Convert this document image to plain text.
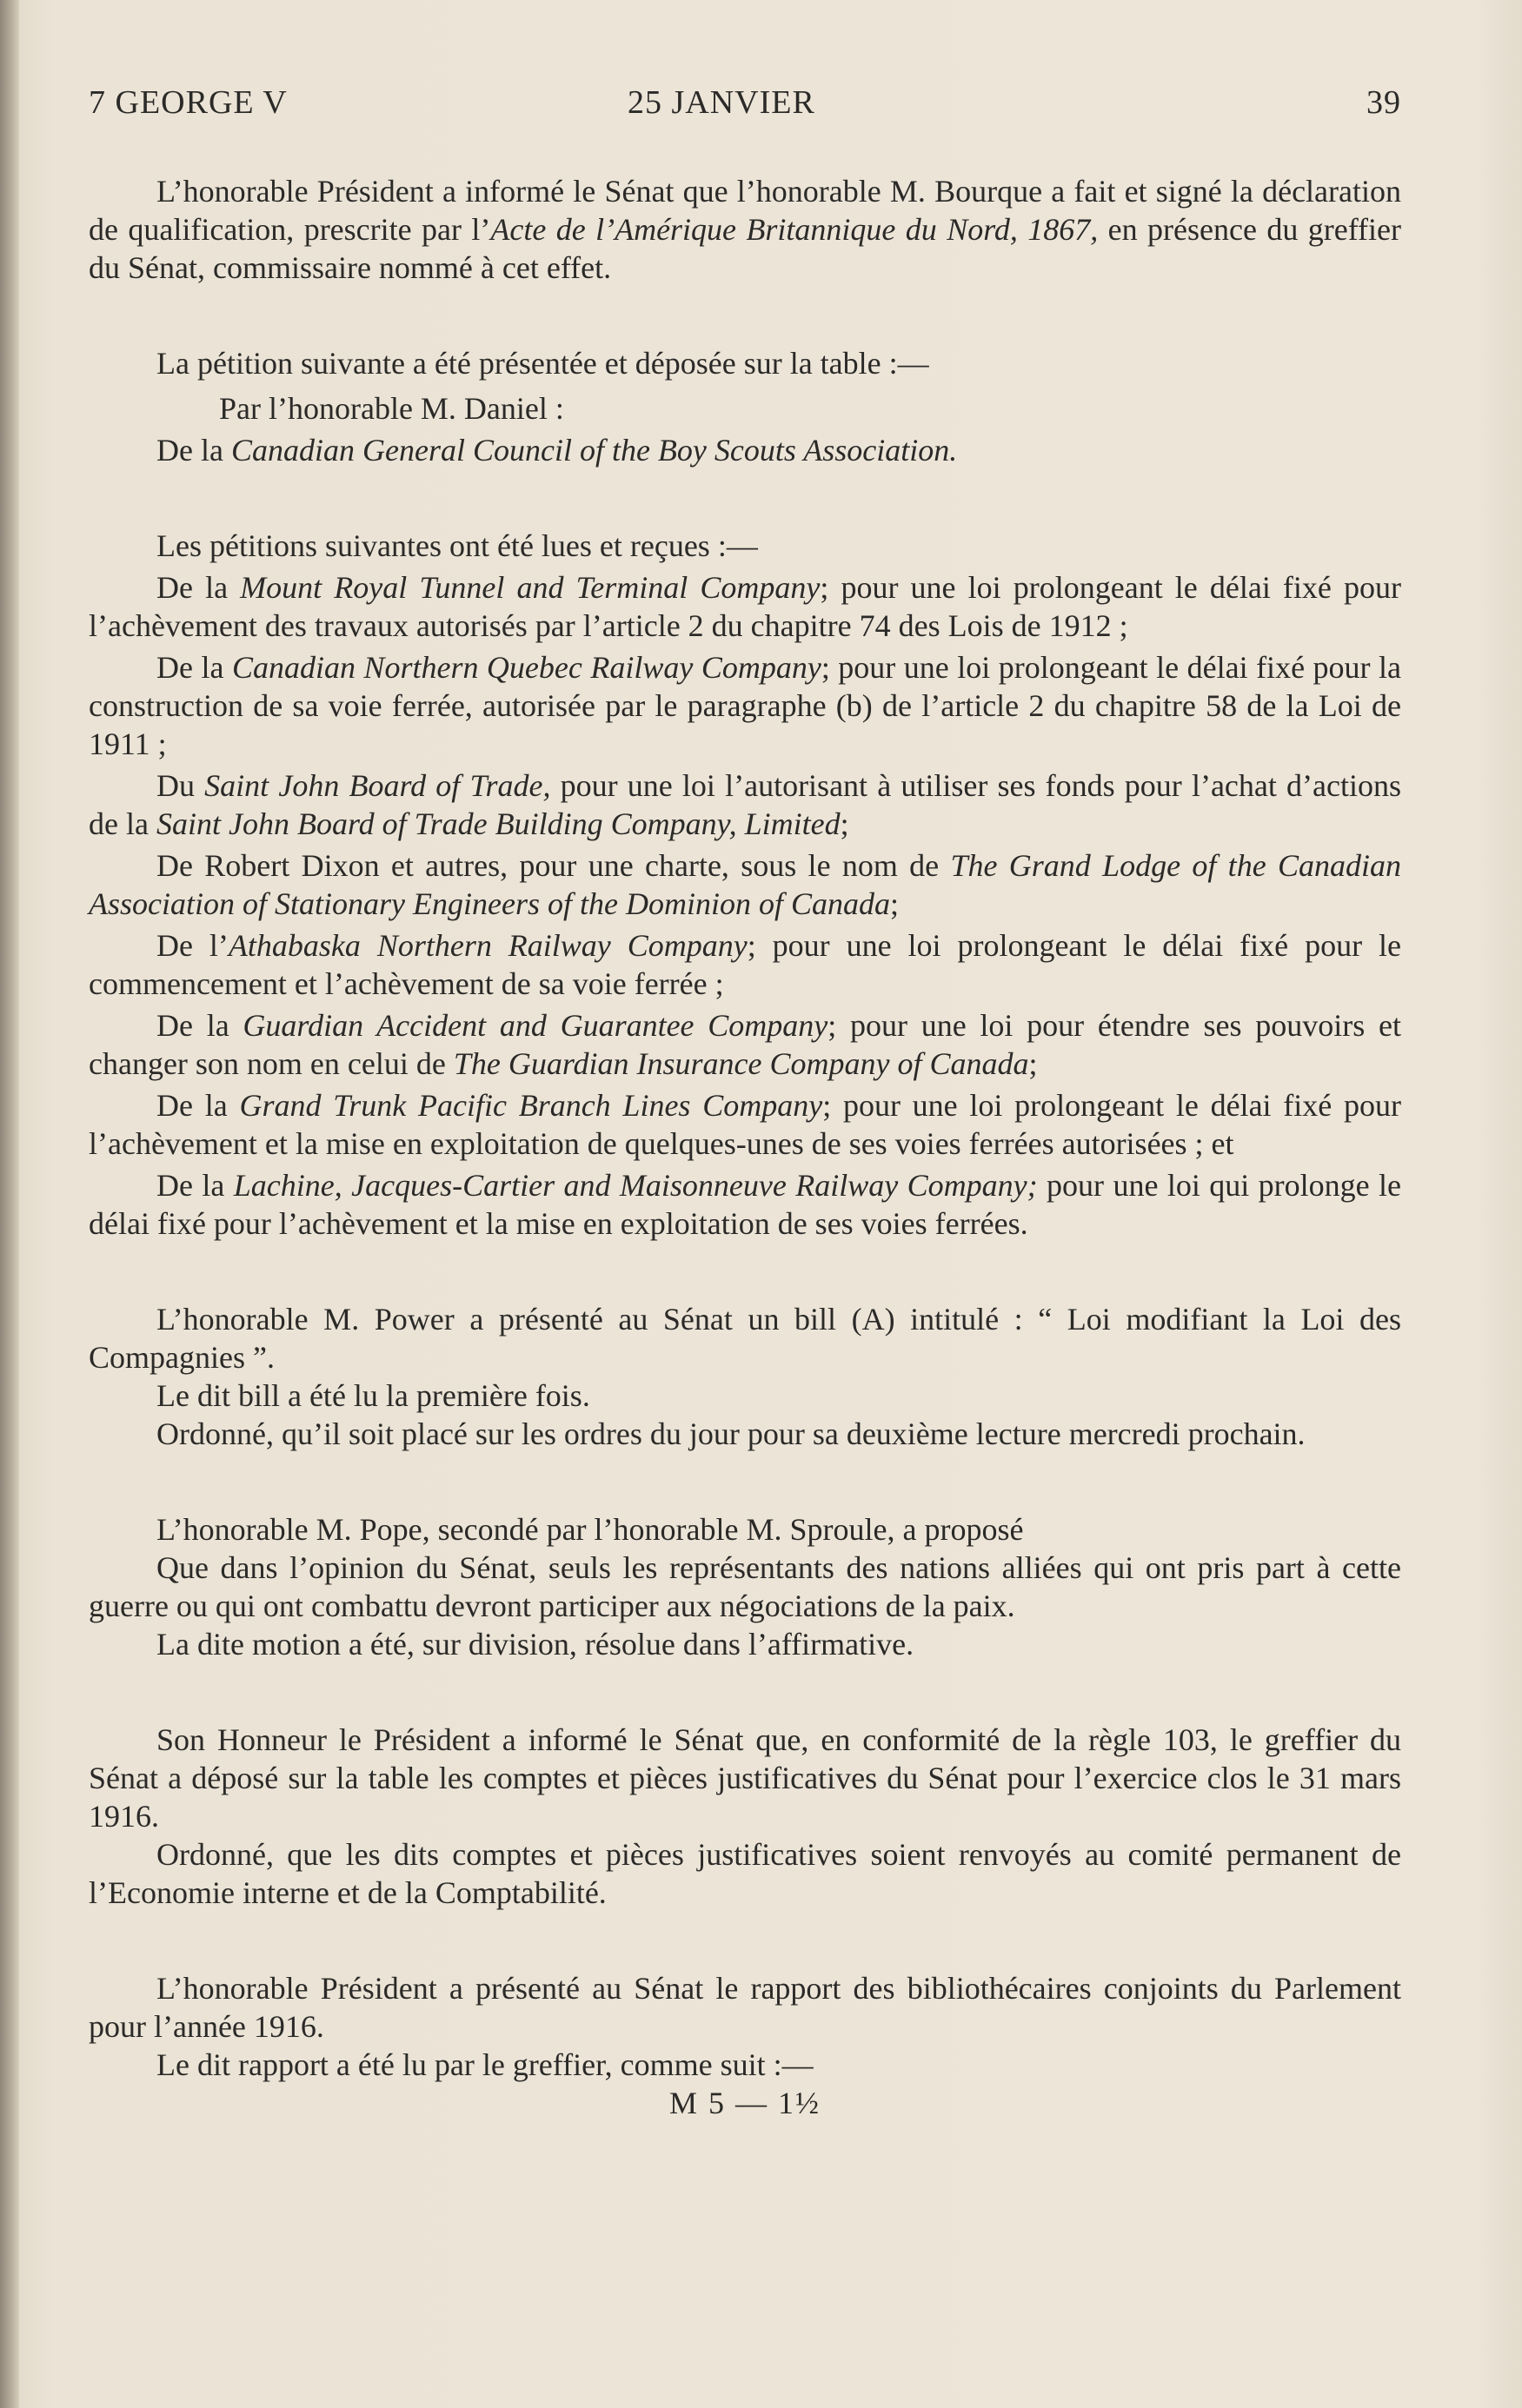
7 GEORGE V	25 JANVIER	39

L’honorable Président a informé le Sénat que l’honorable M. Bourque a fait et signé la déclaration de qualification, prescrite par l’Acte de l’Amérique Britannique du Nord, 1867, en présence du greffier du Sénat, commissaire nommé à cet effet.

La pétition suivante a été présentée et déposée sur la table :—

Par l’honorable M. Daniel :

De la Canadian General Council of the Boy Scouts Association.

Les pétitions suivantes ont été lues et reçues :—

De la Mount Royal Tunnel and Terminal Company; pour une loi prolongeant le délai fixé pour l’achèvement des travaux autorisés par l’article 2 du chapitre 74 des Lois de 1912 ;

De la Canadian Northern Quebec Railway Company; pour une loi prolongeant le délai fixé pour la construction de sa voie ferrée, autorisée par le paragraphe (b) de l’article 2 du chapitre 58 de la Loi de 1911 ;

Du Saint John Board of Trade, pour une loi l’autorisant à utiliser ses fonds pour l’achat d’actions de la Saint John Board of Trade Building Company, Limited;

De Robert Dixon et autres, pour une charte, sous le nom de The Grand Lodge of the Canadian Association of Stationary Engineers of the Dominion of Canada;

De l’Athabaska Northern Railway Company; pour une loi prolongeant le délai fixé pour le commencement et l’achèvement de sa voie ferrée ;

De la Guardian Accident and Guarantee Company; pour une loi pour étendre ses pouvoirs et changer son nom en celui de The Guardian Insurance Company of Canada;

De la Grand Trunk Pacific Branch Lines Company; pour une loi prolongeant le délai fixé pour l’achèvement et la mise en exploitation de quelques-unes de ses voies ferrées autorisées ; et

De la Lachine, Jacques-Cartier and Maisonneuve Railway Company; pour une loi qui prolonge le délai fixé pour l’achèvement et la mise en exploitation de ses voies ferrées.

L’honorable M. Power a présenté au Sénat un bill (A) intitulé : “ Loi modifiant la Loi des Compagnies ”.

Le dit bill a été lu la première fois.

Ordonné, qu’il soit placé sur les ordres du jour pour sa deuxième lecture mercredi prochain.

L’honorable M. Pope, secondé par l’honorable M. Sproule, a proposé

Que dans l’opinion du Sénat, seuls les représentants des nations alliées qui ont pris part à cette guerre ou qui ont combattu devront participer aux négociations de la paix.

La dite motion a été, sur division, résolue dans l’affirmative.

Son Honneur le Président a informé le Sénat que, en conformité de la règle 103, le greffier du Sénat a déposé sur la table les comptes et pièces justificatives du Sénat pour l’exercice clos le 31 mars 1916.

Ordonné, que les dits comptes et pièces justificatives soient renvoyés au comité permanent de l’Economie interne et de la Comptabilité.

L’honorable Président a présenté au Sénat le rapport des bibliothécaires conjoints du Parlement pour l’année 1916.

Le dit rapport a été lu par le greffier, comme suit :—

M 5 — 1½
